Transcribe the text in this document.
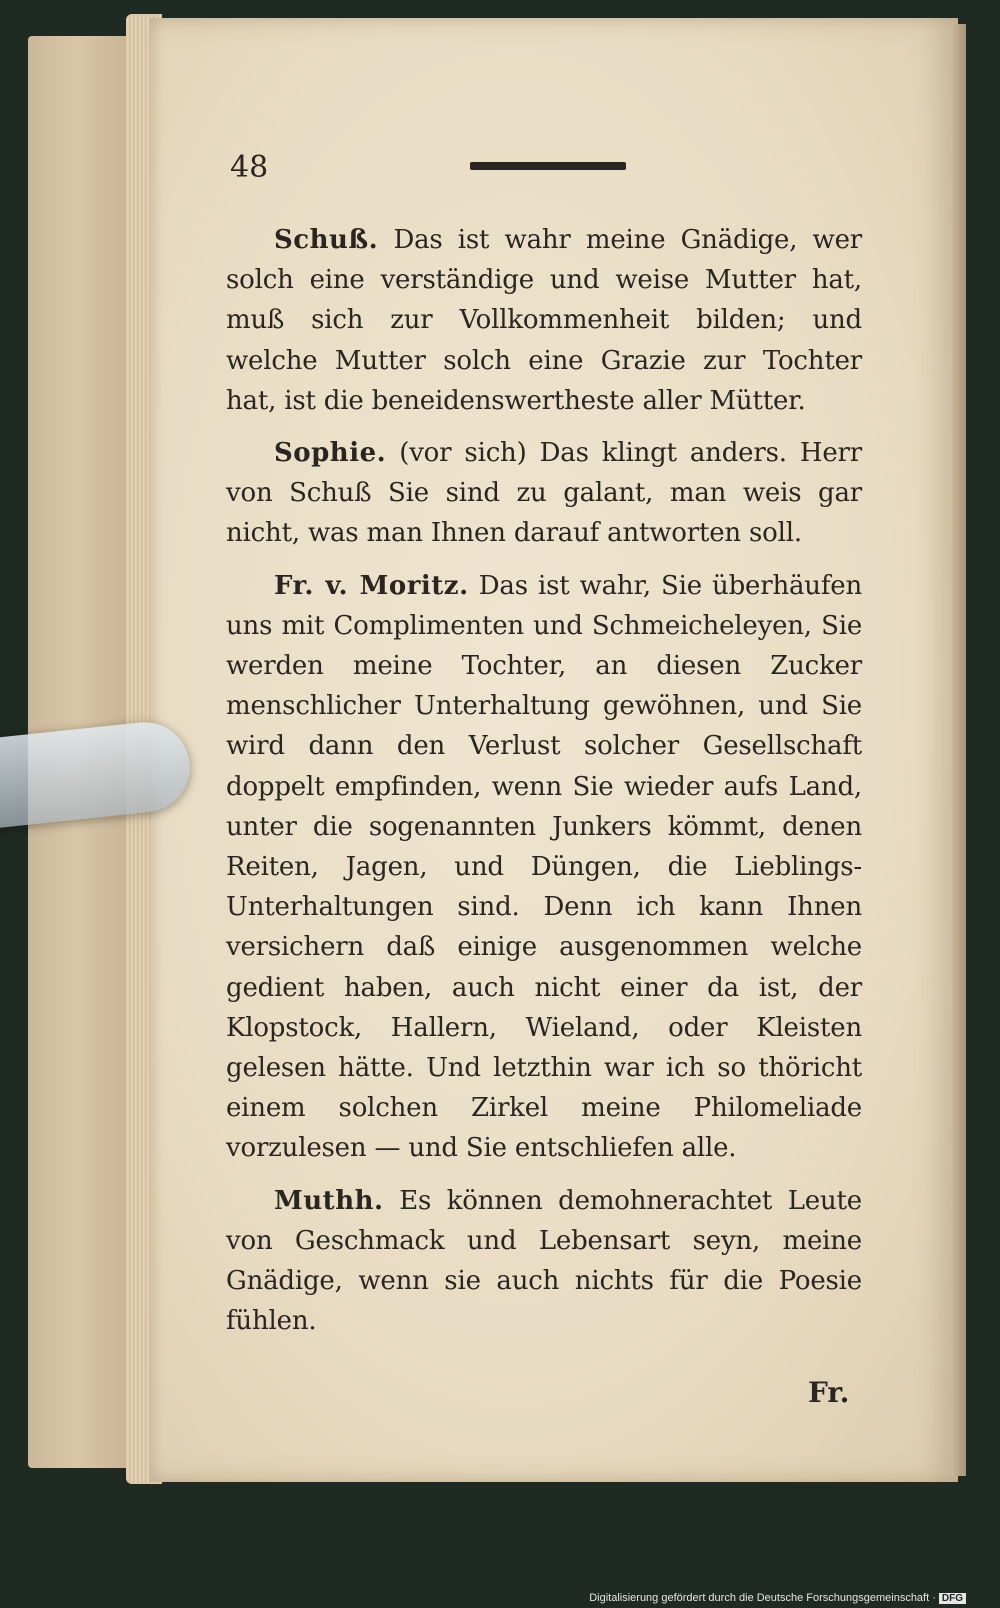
48

Schuß. Das ist wahr meine Gnädige, wer solch eine verständige und weise Mutter hat, muß sich zur Vollkommenheit bilden; und welche Mutter solch eine Grazie zur Tochter hat, ist die beneidenswertheste aller Mütter.

Sophie. (vor sich) Das klingt anders. Herr von Schuß Sie sind zu galant, man weis gar nicht, was man Ihnen darauf antworten soll.

Fr. v. Moritz. Das ist wahr, Sie überhäufen uns mit Complimenten und Schmeicheleyen, Sie werden meine Tochter, an diesen Zucker menschlicher Unterhaltung gewöhnen, und Sie wird dann den Verlust solcher Gesellschaft doppelt empfinden, wenn Sie wieder aufs Land, unter die sogenannten Junkers kömmt, denen Reiten, Jagen, und Düngen, die Lieblings-Unterhaltungen sind. Denn ich kann Ihnen versichern daß einige ausgenommen welche gedient haben, auch nicht einer da ist, der Klopstock, Hallern, Wieland, oder Kleisten gelesen hätte. Und letzthin war ich so thöricht einem solchen Zirkel meine Philomeliade vorzulesen — und Sie entschliefen alle.

Muthh. Es können demohnerachtet Leute von Geschmack und Lebensart seyn, meine Gnädige, wenn sie auch nichts für die Poesie fühlen.

Fr.
Digitalisierung gefördert durch die Deutsche Forschungsgemeinschaft · DFG
